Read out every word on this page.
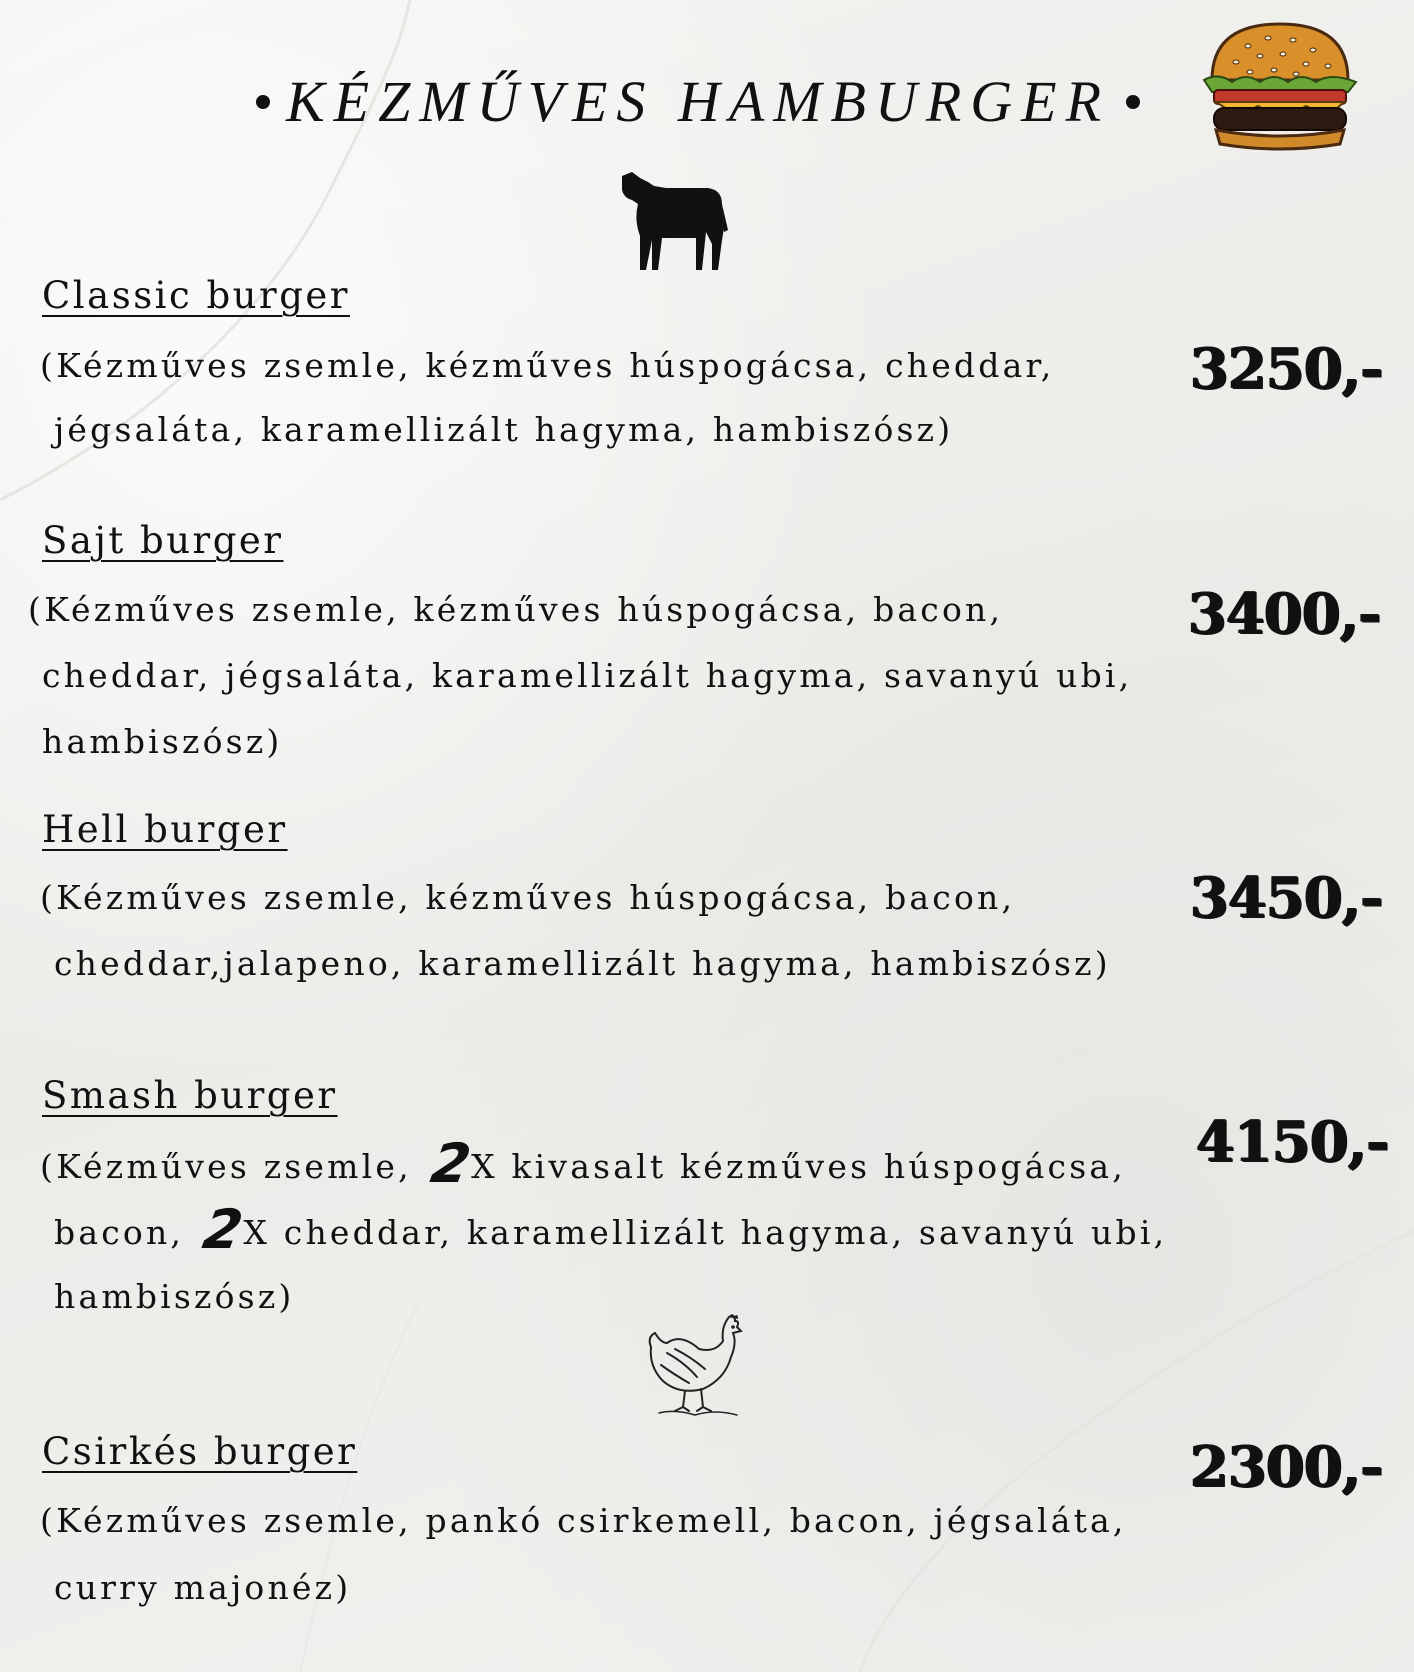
KÉZMŰVES HAMBURGER
Classic burger
(Kézműves zsemle, kézműves húspogácsa, cheddar,
jégsaláta, karamellizált hagyma, hambiszósz)
3250,-
Sajt burger
(Kézműves zsemle, kézműves húspogácsa, bacon,
cheddar, jégsaláta, karamellizált hagyma, savanyú ubi,
hambiszósz)
3400,-
Hell burger
(Kézműves zsemle, kézműves húspogácsa, bacon,
cheddar,jalapeno, karamellizált hagyma, hambiszósz)
3450,-
Smash burger
(Kézműves zsemle, 2X kivasalt kézműves húspogácsa,
bacon, 2X cheddar, karamellizált hagyma, savanyú ubi,
hambiszósz)
4150,-
Csirkés burger
(Kézműves zsemle, pankó csirkemell, bacon, jégsaláta,
curry majonéz)
2300,-
